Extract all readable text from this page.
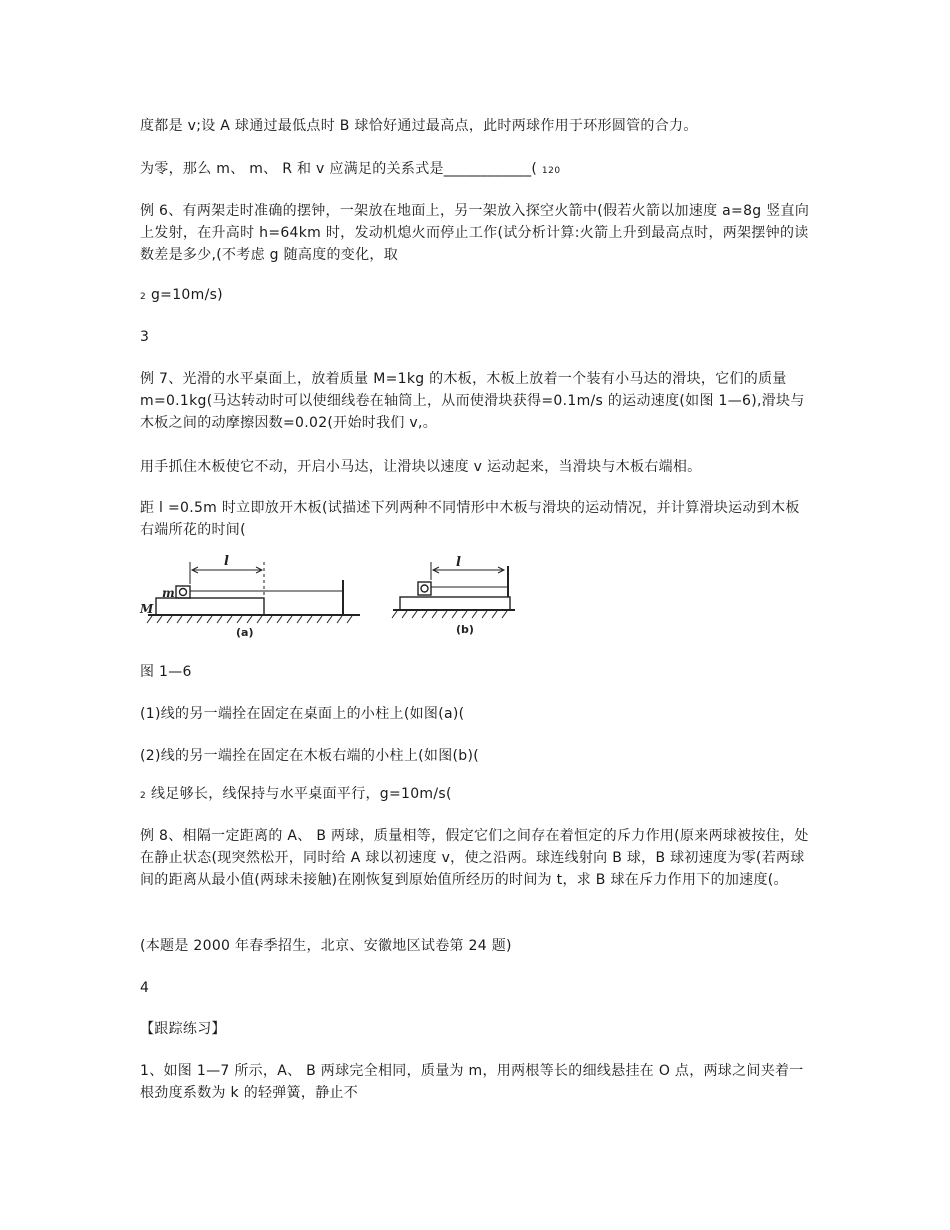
度都是 v;设 A 球通过最低点时 B 球恰好通过最高点，此时两球作用于环形圆管的合力。

为零，那么 m、 m、 R 和 v 应满足的关系式是____________( 120

例 6、有两架走时准确的摆钟，一架放在地面上，另一架放入探空火箭中(假若火箭以加速度 a=8g 竖直向上发射，在升高时 h=64km 时，发动机熄火而停止工作(试分析计算:火箭上升到最高点时，两架摆钟的读数差是多少,(不考虑 g 随高度的变化，取

2 g=10m/s)

3

例 7、光滑的水平桌面上，放着质量 M=1kg 的木板，木板上放着一个装有小马达的滑块，它们的质量 m=0.1kg(马达转动时可以使细线卷在轴筒上，从而使滑块获得=0.1m/s 的运动速度(如图 1—6),滑块与木板之间的动摩擦因数=0.02(开始时我们 v,。

用手抓住木板使它不动，开启小马达，让滑块以速度 v 运动起来，当滑块与木板右端相。

距 l =0.5m 时立即放开木板(试描述下列两种不同情形中木板与滑块的运动情况，并计算滑块运动到木板右端所花的时间(

m
M
l
(a)
l
(b)

图 1—6

(1)线的另一端拴在固定在桌面上的小柱上(如图(a)(

(2)线的另一端拴在固定在木板右端的小柱上(如图(b)(

2 线足够长，线保持与水平桌面平行，g=10m/s(

例 8、相隔一定距离的 A、 B 两球，质量相等，假定它们之间存在着恒定的斥力作用(原来两球被按住，处在静止状态(现突然松开，同时给 A 球以初速度 v，使之沿两。球连线射向 B 球，B 球初速度为零(若两球间的距离从最小值(两球未接触)在刚恢复到原始值所经历的时间为 t，求 B 球在斥力作用下的加速度(。

(本题是 2000 年春季招生，北京、安徽地区试卷第 24 题)

4

【跟踪练习】

1、如图 1—7 所示，A、 B 两球完全相同，质量为 m，用两根等长的细线悬挂在 O 点，两球之间夹着一根劲度系数为 k 的轻弹簧，静止不
